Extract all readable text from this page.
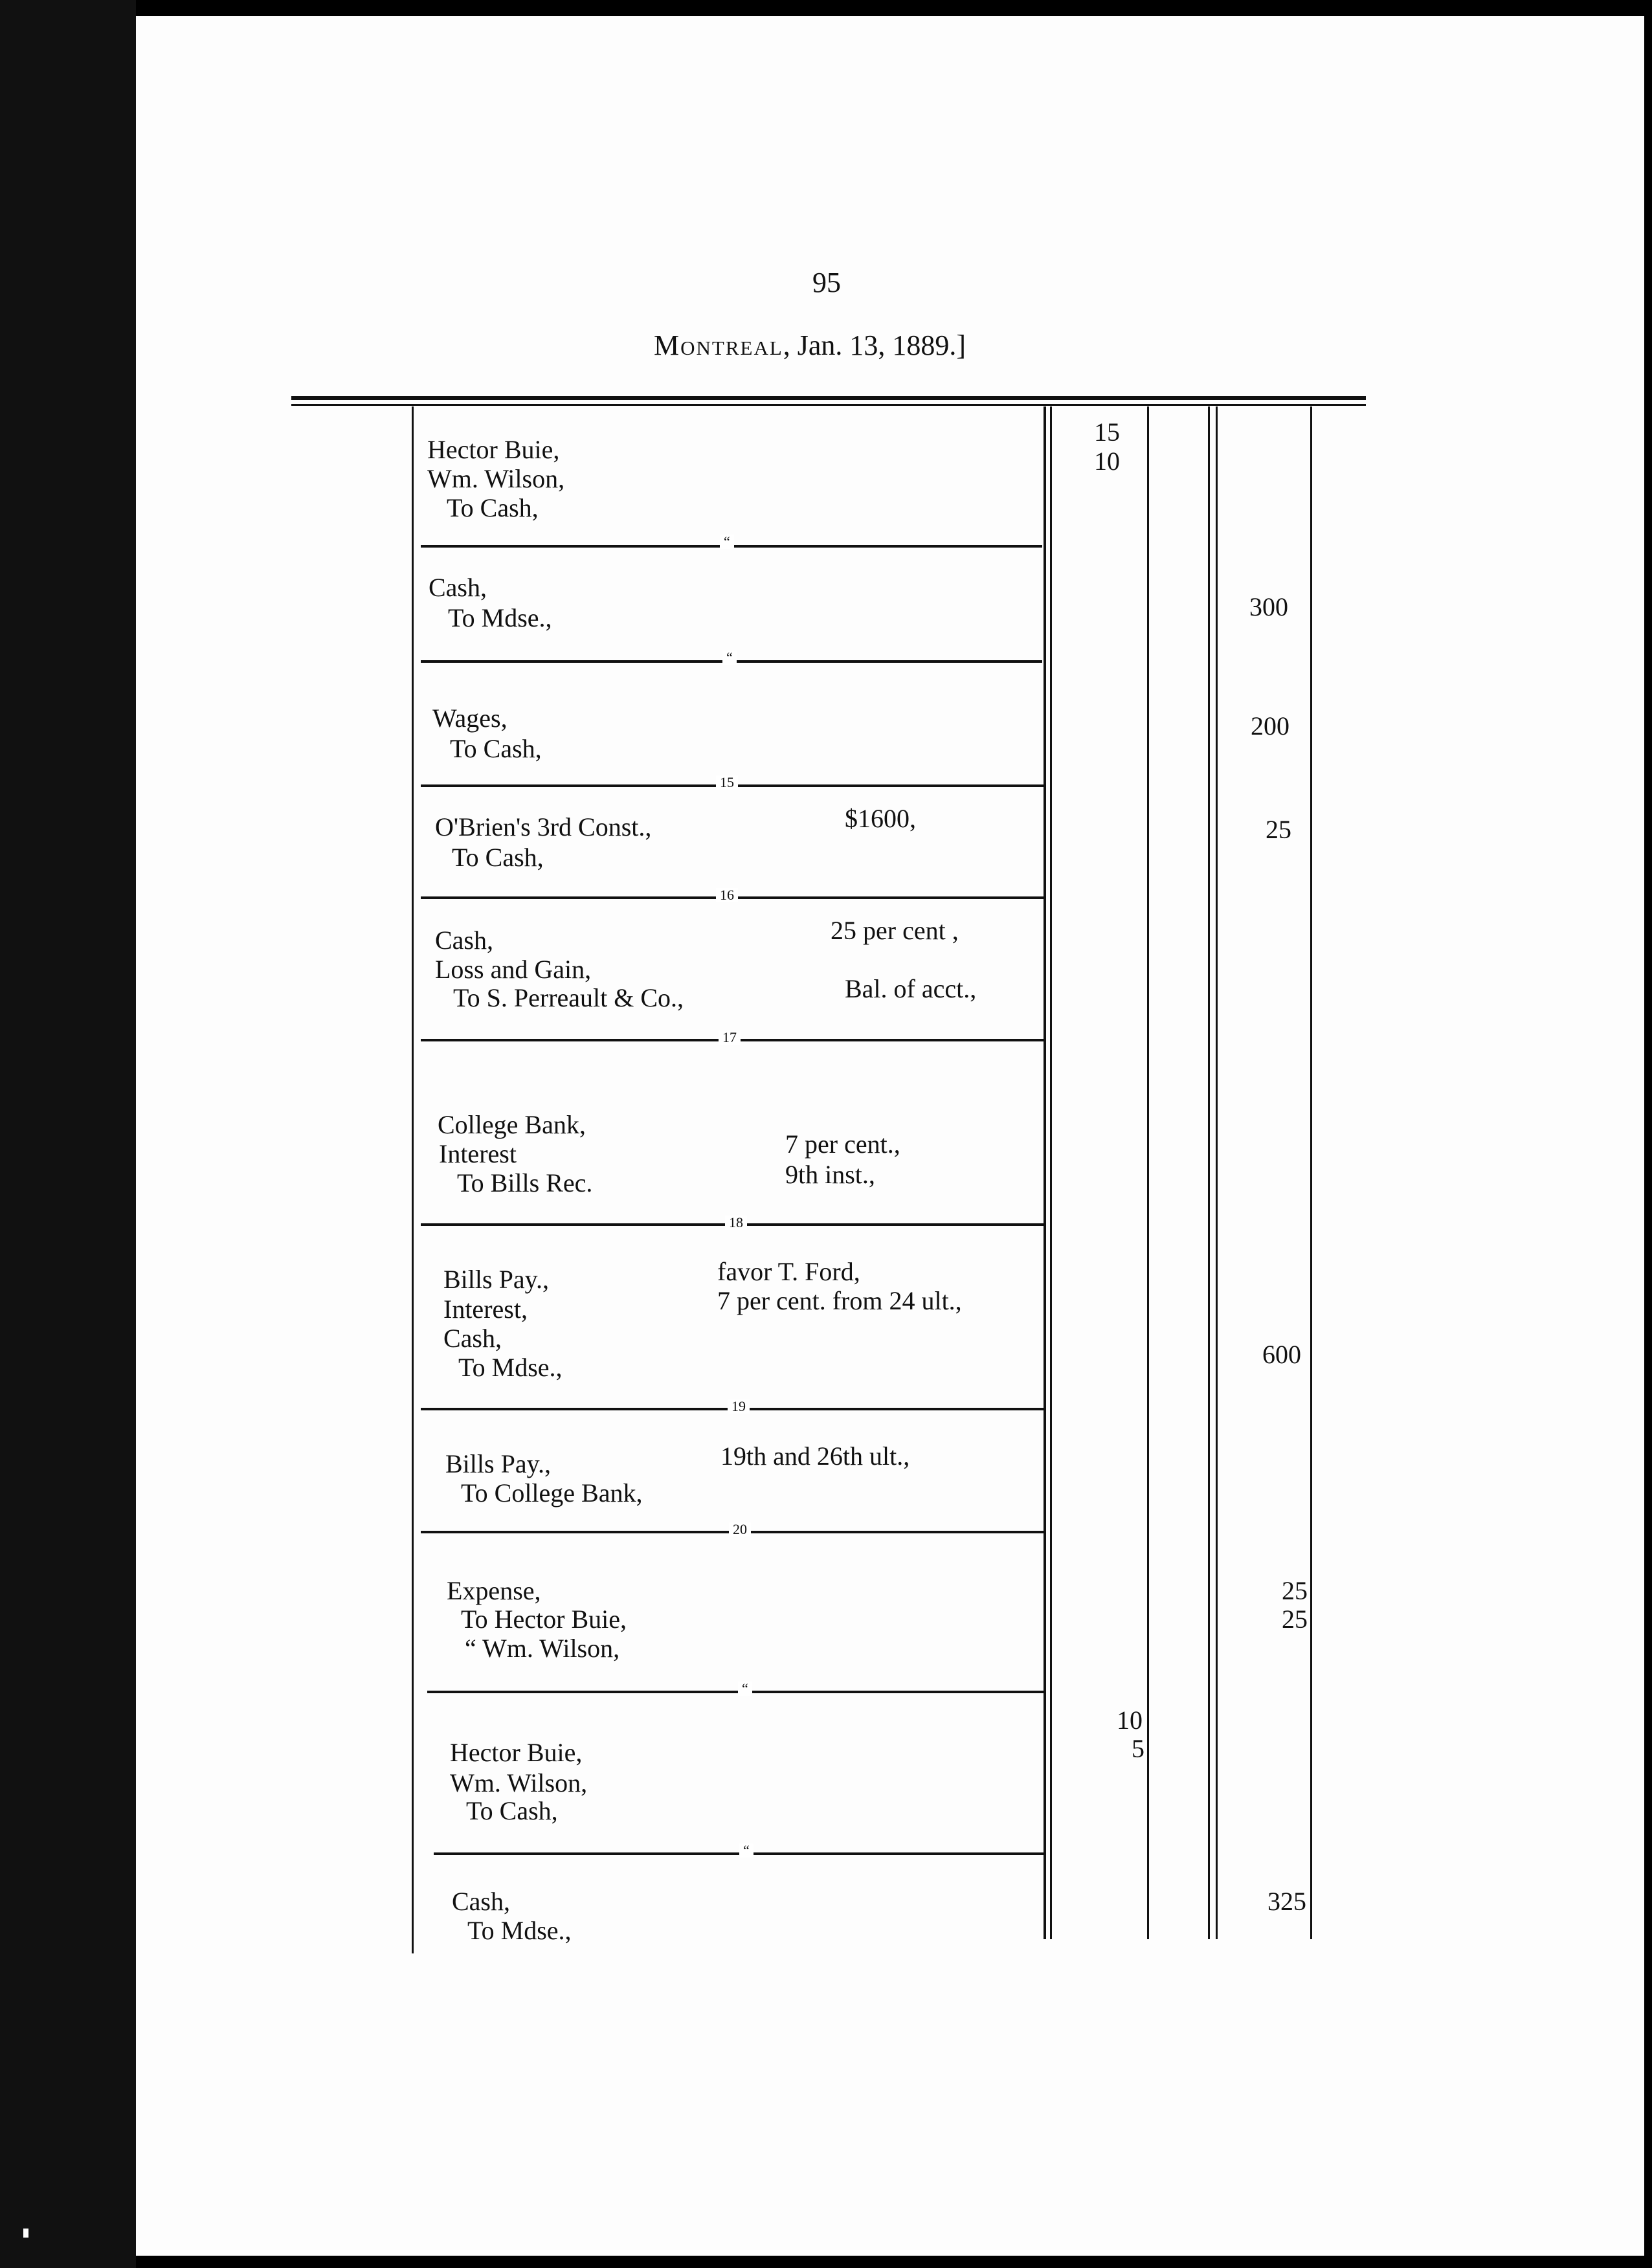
95
Montreal, Jan. 13, 1889.]
Hector Buie,
Wm. Wilson,
To Cash,
15
10
“
Cash,
To Mdse.,	300
“
Wages,
To Cash,
200
15
O'Brien's 3rd Const.,
To Cash,
$1600,	25
16
Cash,
Loss and Gain,
To S. Perreault & Co.,
25 per cent ,
Bal. of acct.,
17
College Bank,
Interest
To Bills Rec.
7 per cent.,
9th inst.,
18
Bills Pay.,
Interest,
Cash,
To Mdse.,
favor T. Ford,
7 per cent. from 24 ult.,
600
19
Bills Pay.,
To College Bank,
19th and 26th ult.,
20
Expense,
To Hector Buie,
“ Wm. Wilson,
25
25
“
Hector Buie,
Wm. Wilson,
To Cash,
10
5
“
Cash,
To Mdse.,
325
